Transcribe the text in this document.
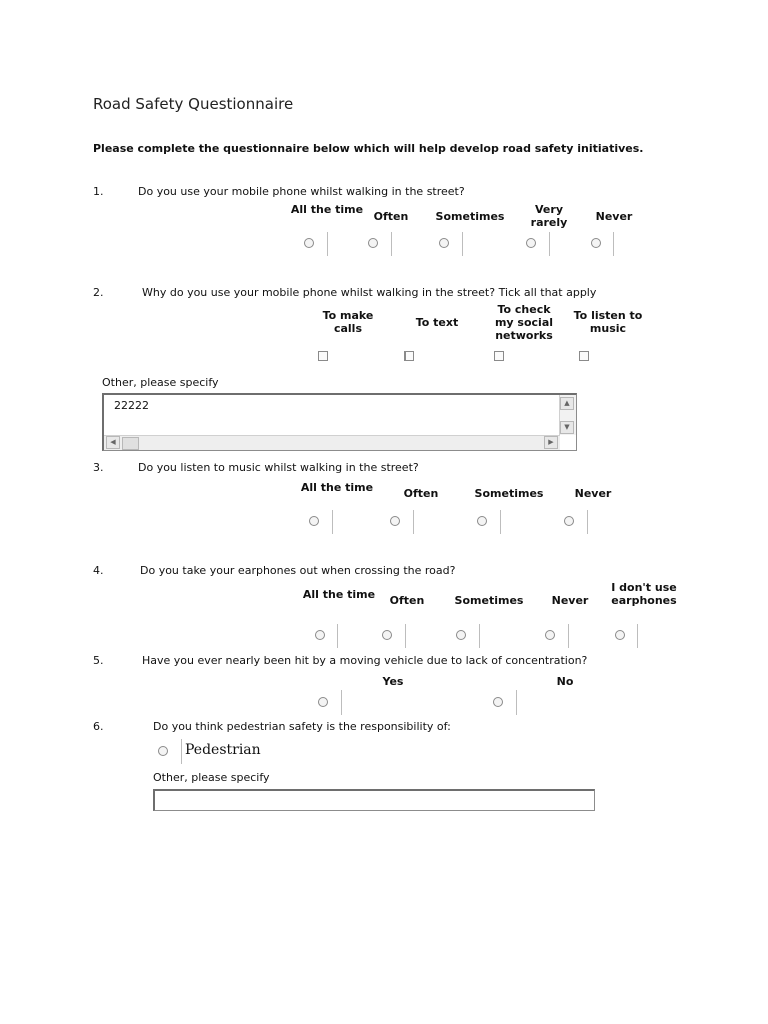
Road Safety Questionnaire
Please complete the questionnaire below which will help develop road safety initiatives.
1.	Do you use your mobile phone whilst walking in the street?
All the time
Often	Sometimes
Very rarely	Never
2.	Why do you use your mobile phone whilst walking in the street? Tick all that apply
To make calls	To text
To check my social networks
To listen to music
Other, please specify
22222	▲
▼
◀	▶
3.	Do you listen to music whilst walking in the street?
All the time	Often	Sometimes	Never
4.	Do you take your earphones out when crossing the road?
All the time	Often	Sometimes	Never
I don't use earphones
5.	Have you ever nearly been hit by a moving vehicle due to lack of concentration?
Yes	No
6.	Do you think pedestrian safety is the responsibility of:
Pedestrian
Other, please specify
